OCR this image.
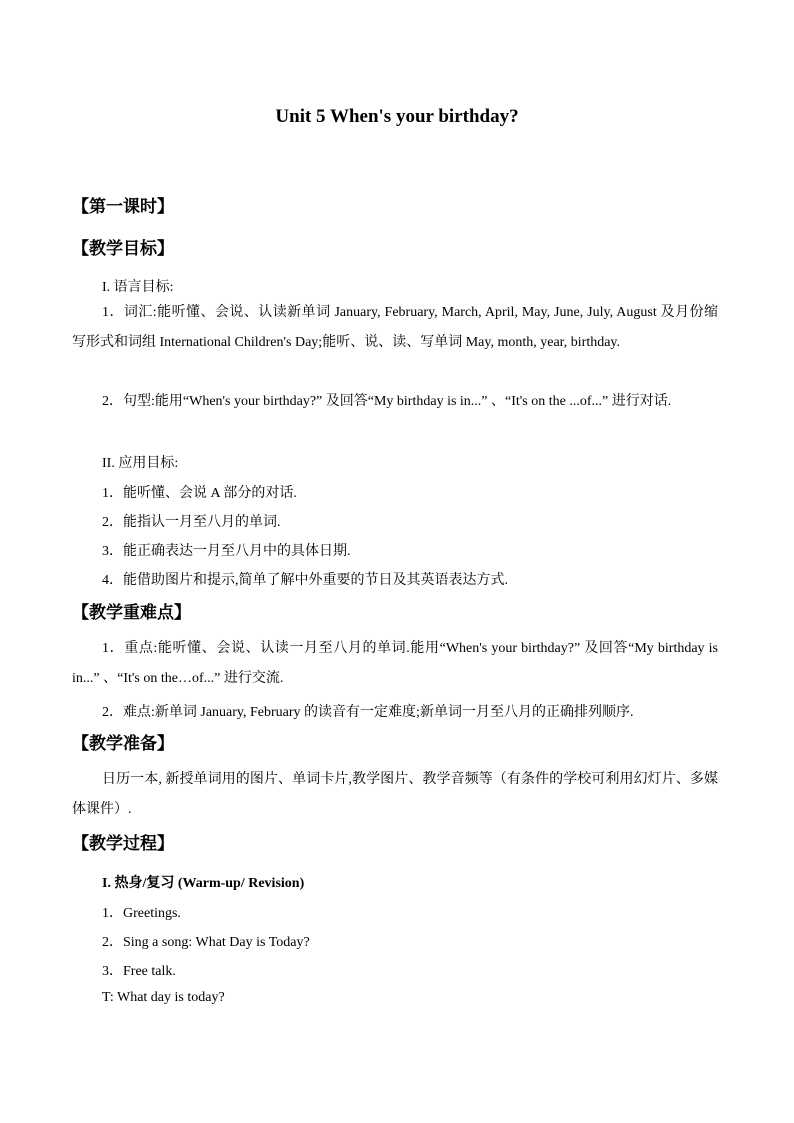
Unit 5 When's your birthday?
【第一课时】
【教学目标】
I. 语言目标:
1．词汇:能听懂、会说、认读新单词 January, February, March, April, May, June, July, August 及月份缩写形式和词组 International Children's Day;能听、说、读、写单词 May, month, year, birthday.
2．句型:能用“When's your birthday?” 及回答“My birthday is in...” 、“It's on the ...of...” 进行对话.
II. 应用目标:
1．能听懂、会说 A 部分的对话.
2．能指认一月至八月的单词.
3．能正确表达一月至八月中的具体日期.
4．能借助图片和提示,简单了解中外重要的节日及其英语表达方式.
【教学重难点】
1．重点:能听懂、会说、认读一月至八月的单词.能用“When's your birthday?” 及回答“My birthday is in...” 、“It's on the…of...” 进行交流.
2．难点:新单词 January, February 的读音有一定难度;新单词一月至八月的正确排列顺序.
【教学准备】
日历一本, 新授单词用的图片、单词卡片,教学图片、教学音频等（有条件的学校可利用幻灯片、多媒体课件）.
【教学过程】
I. 热身/复习 (Warm-up/ Revision)
1．Greetings.
2．Sing a song: What Day is Today?
3．Free talk.
T: What day is today?
